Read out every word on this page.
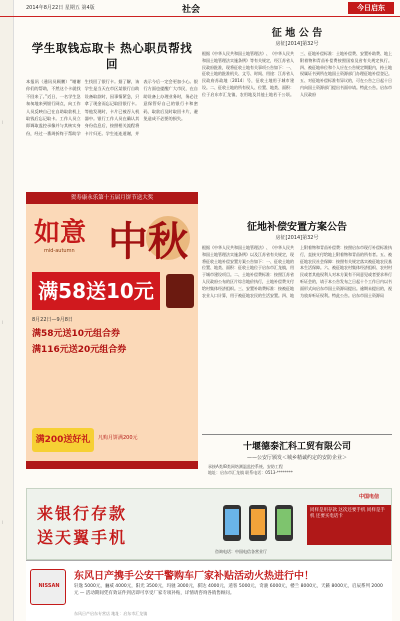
|
|
|
2014年8月22日 星期五 第4版	社会	今日启东
学生取钱忘取卡 热心职员帮找回
本报讯（通讯员顾鹏）“谢谢你们的帮助，不然这个卡就找不回来了。”近日，一名学生急匆匆地来到银行网点，向工作人员反映自己在自助取款机上取钱后忘记取卡。工作人员立即调取监控录像并与其核实身份，经过一番周折终于帮助学生找回了银行卡。据了解，该学生是当天在市区某银行自助设备取款时，因事情紧急，只拿了现金而忘记取回银行卡。等他发现时，卡片已被吞入机器中。银行工作人员在确认其身份信息后，按照相关流程将卡片归还。学生连连道谢，并表示今后一定会更加小心。银行方面也提醒广大市民，在自助设备上办理业务时，务必注意保管好自己的银行卡和密码，取款后及时取回卡片，避免造成不必要的损失。
贺寿康永乐第十五届月饼节送大奖
如意
mid-autumn 中秋
满58送10元
8月22日—9月8日
满58元送10元组合券
满116元送20元组合券
满200送好礼	凡购月饼满200元
征 地 公 告
房征[2014]第32号
根据《中华人民共和国土地管理法》、《中华人民共和国土地管理法实施条例》等有关规定，经江苏省人民政府批准，现将征收土地有关事项公告如下：一、征收土地的批准机关、文号、时间、用途：江苏省人民政府苏政地〔2014〕号，征收土地用于城市建设。二、征收土地的所有权人、位置、地类、面积：位于启东市汇龙镇，农用地及其他土地若干公顷。三、征地补偿标准：土地补偿费、安置补助费、地上附着物和青苗补偿费按照国家及省有关规定执行。四、被征地单位和个人应在公告规定期限内，持土地权属证书到所在地国土资源部门办理征地补偿登记。五、对征地补偿标准有异议的，可在公告之日起十日内向国土资源部门提出书面申请。特此公告。启东市人民政府
征地补偿安置方案公告
房征[2014]第32号
根据《中华人民共和国土地管理法》、《中华人民共和国土地管理法实施条例》以及江苏省有关规定，现将征收土地补偿安置方案公告如下：一、征收土地的位置、地类、面积：征收土地位于启东市汇龙镇，用于城市建设项目。二、土地补偿费标准：按照江苏省人民政府公布的区片综合地价执行，土地补偿费支付给村集体经济组织。三、安置补助费标准：按被征地农业人口计算，用于被征地农民的生活安置。四、地上附着物和青苗补偿费：按照启东市现行补偿标准执行，直接支付给地上附着物和青苗的所有者。五、被征地农民社会保障：按照有关规定落实被征地农民基本生活保障。六、被征地农村集体经济组织、农村村民或者其他权利人对本方案有不同意见或者要求举行听证会的，请于本公告发布之日起十个工作日内以书面形式向启东市国土资源局提出。逾期未提出的，视为放弃听证权利。特此公告。启东市国土资源局
十堰德泰汇科工贸有限公司
——公安厅颁发＜城乡精诚约定的安防企业＞
承接A类/B类网络测温监控系统、安防工程
地址：启东市汇龙镇 联系电话：0513-********
来银行存款
送天翼手机
同样是用存款 这次还要手机 同样是手机 还要买电话卡
中国电信
咨询电话：中国电信各营业厅
NISSAN
东风日产携手公安干警购车厂家补贴活动火热进行中！
轩逸 5000元，骊威 4000元，阳光 3500元，玛驰 3000元，骐达 4000元，逍客 5000元，奇骏 6000元，楼兰 8000元，天籁 8000元，启辰系列 2000元 — 活动期间凭有效证件到店即可享受厂家专项补贴，详情请咨询各销售顾问。
东风日产启东专营店 地址：启东市汇龙镇
